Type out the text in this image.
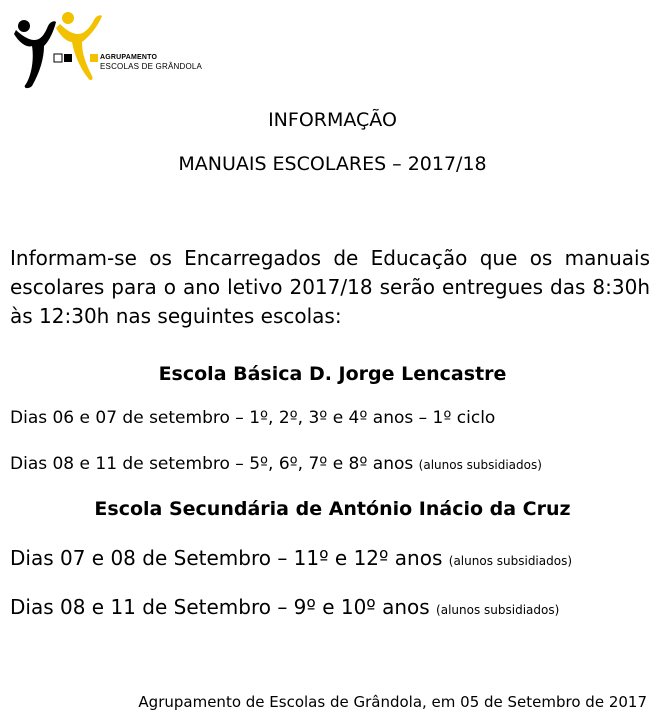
AGRUPAMENTO
ESCOLAS DE GRÂNDOLA
INFORMAÇÃO
MANUAIS ESCOLARES – 2017/18
Informam-se os Encarregados de Educação que os manuais escolares para o ano letivo 2017/18 serão entregues das 8:30h às 12:30h nas seguintes escolas:
Escola Básica D. Jorge Lencastre
Dias 06 e 07 de setembro – 1º, 2º, 3º e 4º anos – 1º ciclo
Dias 08 e 11 de setembro – 5º, 6º, 7º e 8º anos (alunos subsidiados)
Escola Secundária de António Inácio da Cruz
Dias 07 e 08 de Setembro – 11º e 12º anos (alunos subsidiados)
Dias 08 e 11 de Setembro – 9º e 10º anos (alunos subsidiados)
Agrupamento de Escolas de Grândola, em 05 de Setembro de 2017
